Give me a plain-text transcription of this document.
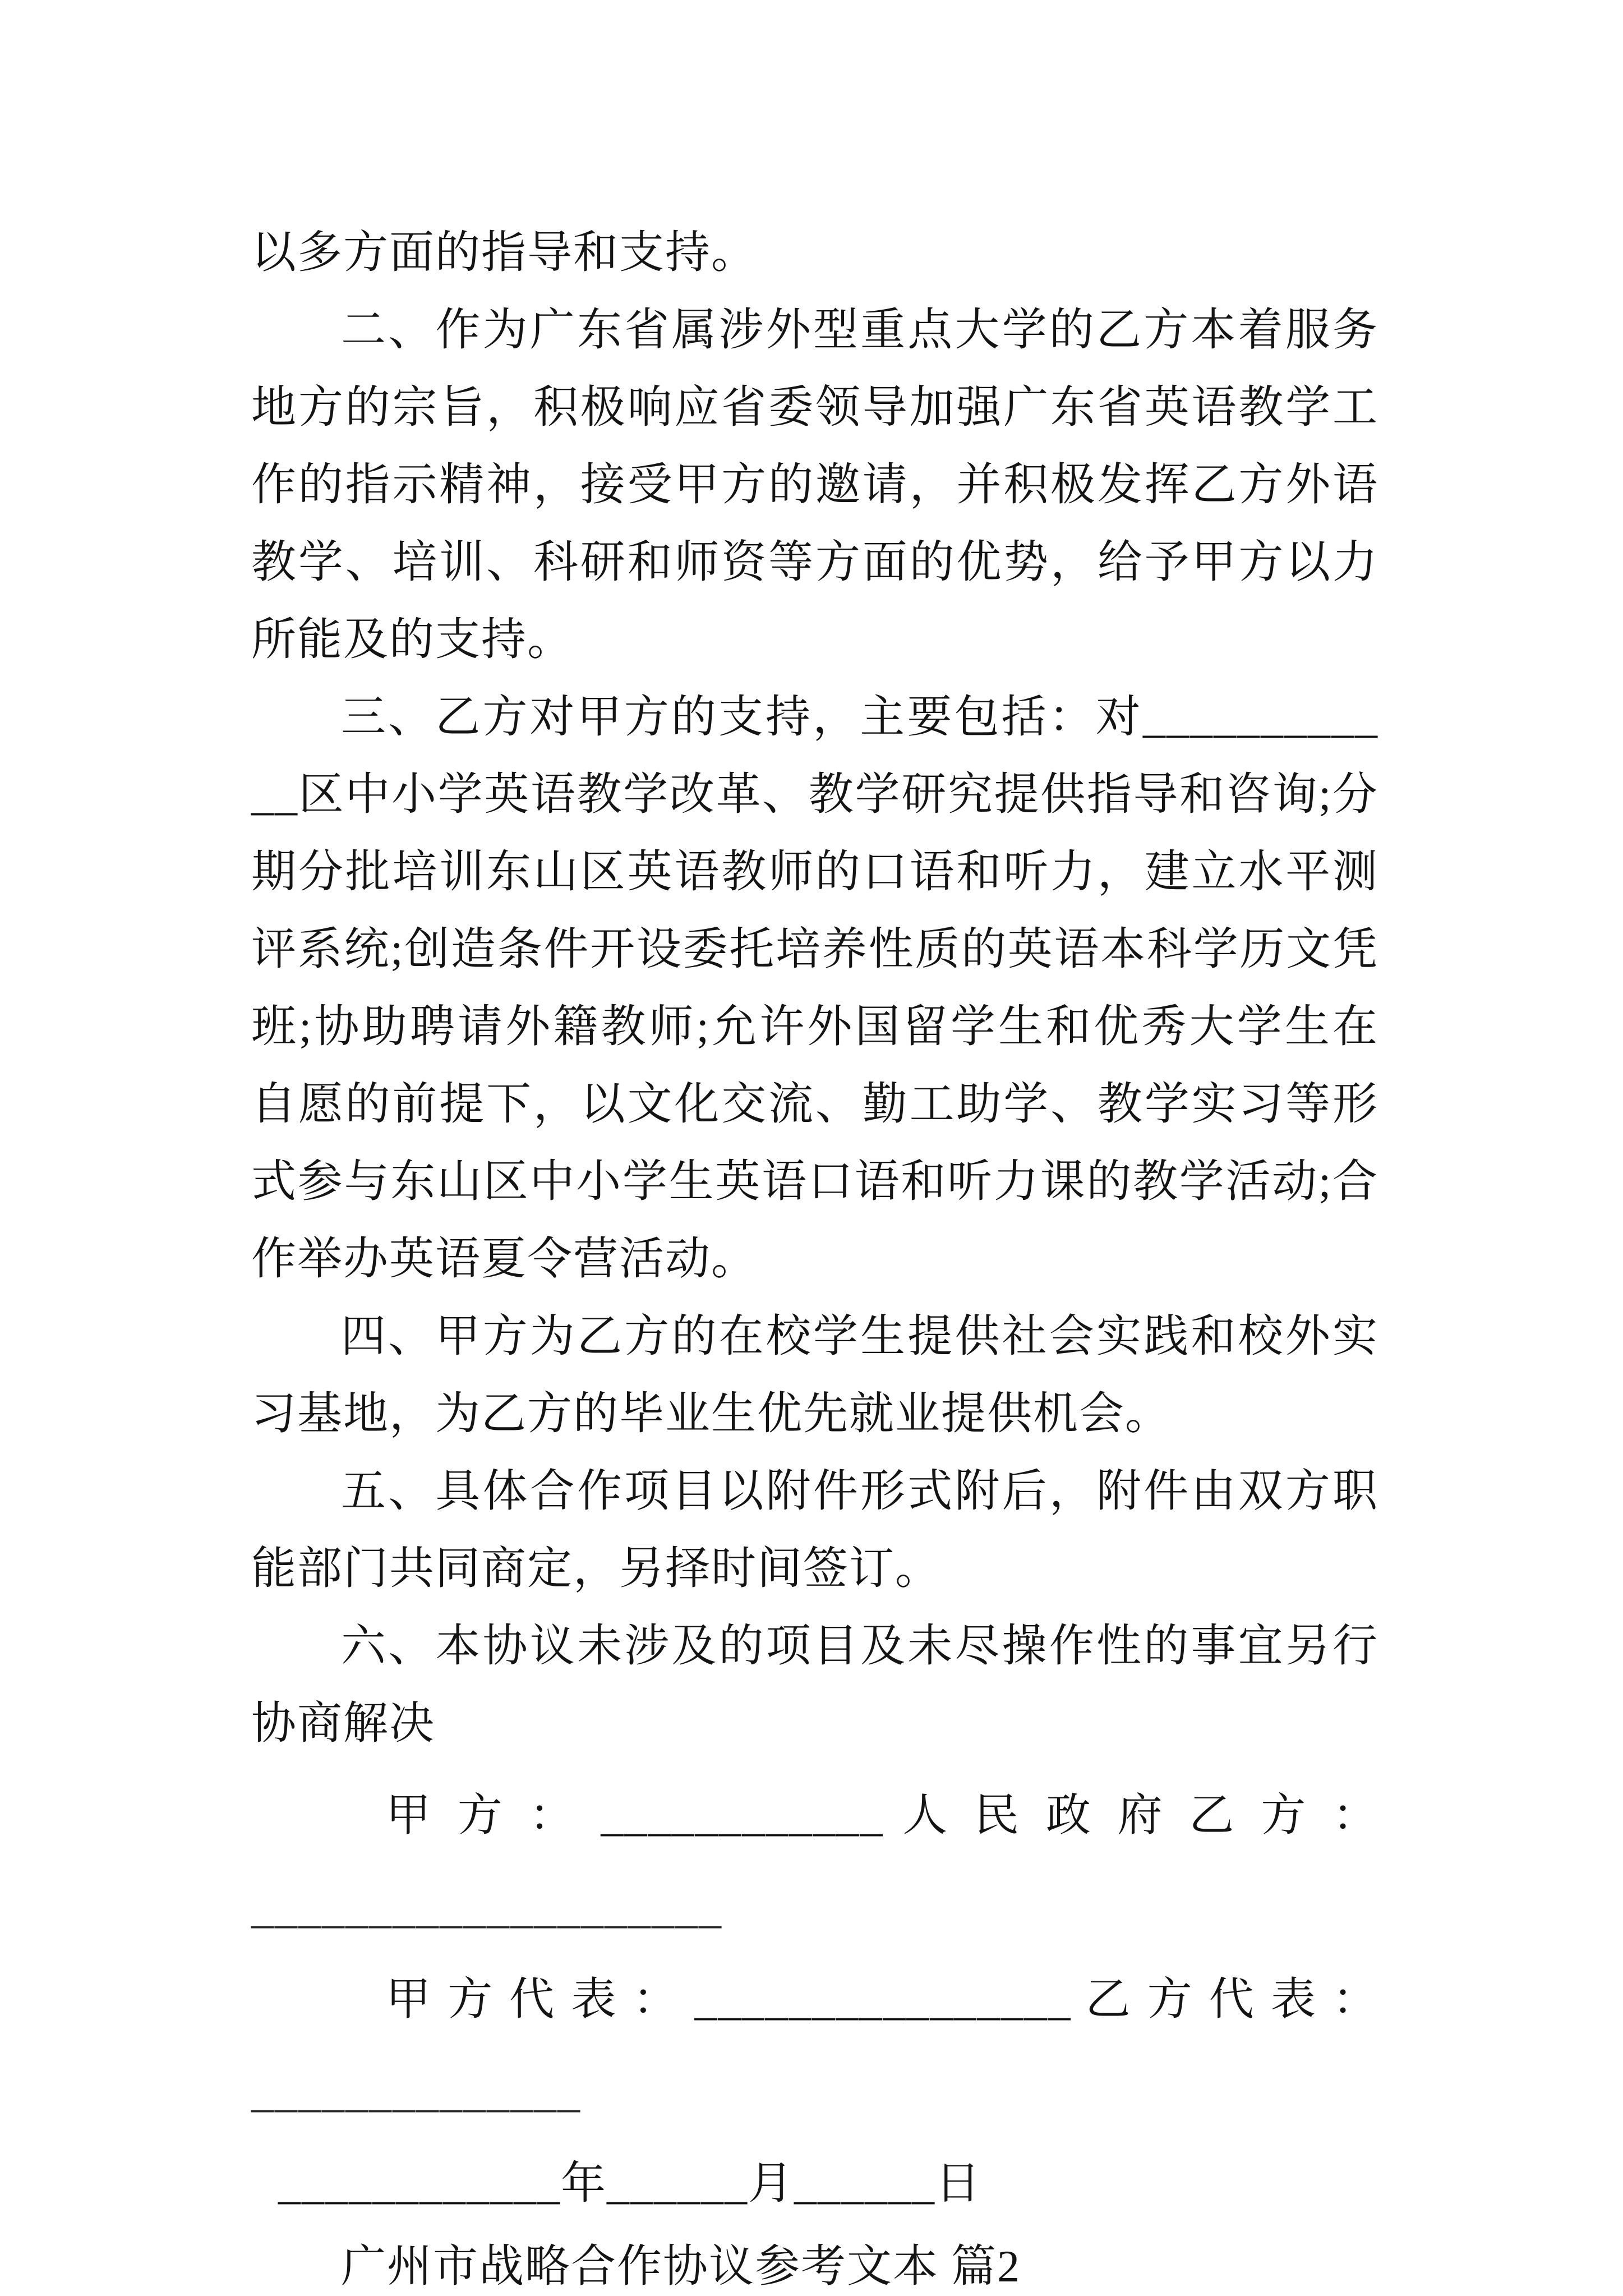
以多方面的指导和支持。

二、作为广东省属涉外型重点大学的乙方本着服务地方的宗旨，积极响应省委领导加强广东省英语教学工作的指示精神，接受甲方的邀请，并积极发挥乙方外语教学、培训、科研和师资等方面的优势，给予甲方以力所能及的支持。

三、乙方对甲方的支持，主要包括：对____________区中小学英语教学改革、教学研究提供指导和咨询;分期分批培训东山区英语教师的口语和听力，建立水平测评系统;创造条件开设委托培养性质的英语本科学历文凭班;协助聘请外籍教师;允许外国留学生和优秀大学生在自愿的前提下，以文化交流、勤工助学、教学实习等形式参与东山区中小学生英语口语和听力课的教学活动;合作举办英语夏令营活动。

四、甲方为乙方的在校学生提供社会实践和校外实习基地，为乙方的毕业生优先就业提供机会。

五、具体合作项目以附件形式附后，附件由双方职能部门共同商定，另择时间签订。

六、本协议未涉及的项目及未尽操作性的事宜另行协商解决

甲 方 ： ____________ 人 民 政 府 乙 方 ：

____________________

甲 方 代 表 ： ________________ 乙 方 代 表 ：

______________

____________年______月______日

广州市战略合作协议参考文本 篇2
